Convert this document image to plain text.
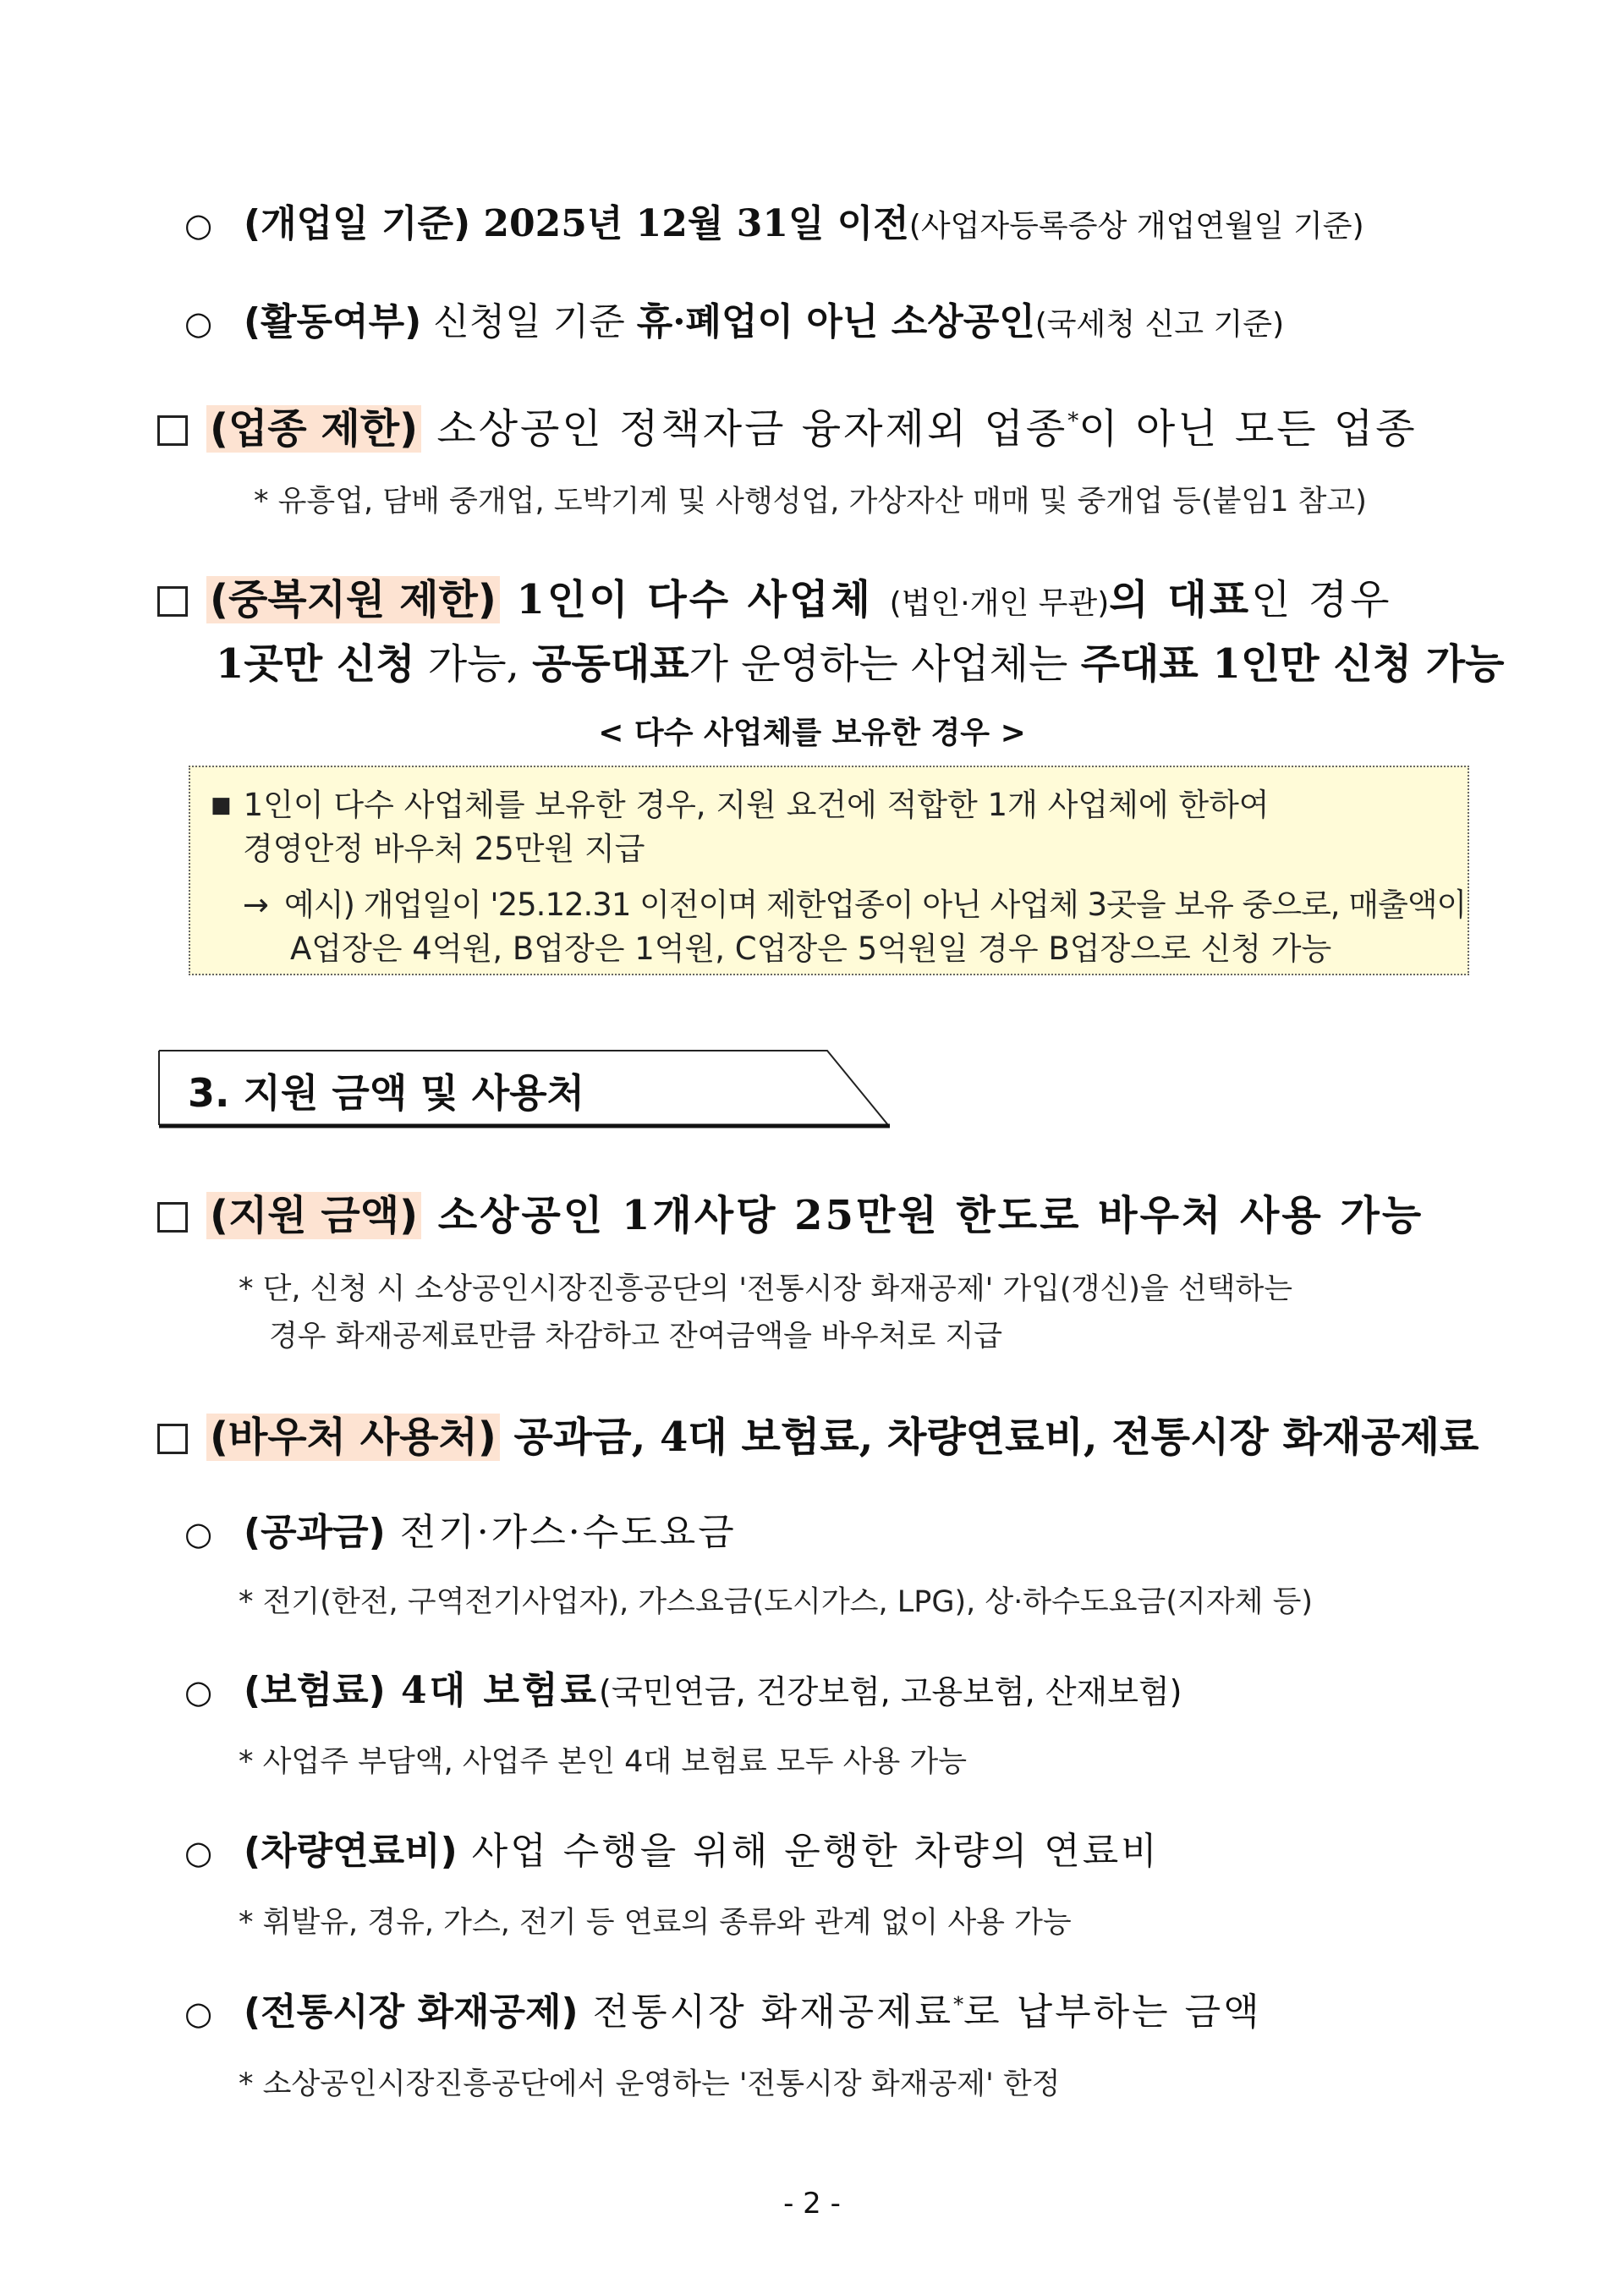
○ (개업일 기준) 2025년 12월 31일 이전(사업자등록증상 개업연월일 기준)
○ (활동여부) 신청일 기준 휴·폐업이 아닌 소상공인(국세청 신고 기준)
(업종 제한) 소상공인 정책자금 융자제외 업종*이 아닌 모든 업종
* 유흥업, 담배 중개업, 도박기계 및 사행성업, 가상자산 매매 및 중개업 등(붙임1 참고)
(중복지원 제한) 1인이 다수 사업체 (법인·개인 무관)의 대표인 경우
1곳만 신청 가능, 공동대표가 운영하는 사업체는 주대표 1인만 신청 가능
< 다수 사업체를 보유한 경우 >
■ 1인이 다수 사업체를 보유한 경우, 지원 요건에 적합한 1개 사업체에 한하여
경영안정 바우처 25만원 지급
→ 예시) 개업일이 '25.12.31 이전이며 제한업종이 아닌 사업체 3곳을 보유 중으로, 매출액이
A업장은 4억원, B업장은 1억원, C업장은 5억원일 경우 B업장으로 신청 가능
3. 지원 금액 및 사용처
(지원 금액) 소상공인 1개사당 25만원 한도로 바우처 사용 가능
* 단, 신청 시 소상공인시장진흥공단의 '전통시장 화재공제' 가입(갱신)을 선택하는
경우 화재공제료만큼 차감하고 잔여금액을 바우처로 지급
(바우처 사용처) 공과금, 4대 보험료, 차량연료비, 전통시장 화재공제료
○ (공과금) 전기·가스·수도요금
* 전기(한전, 구역전기사업자), 가스요금(도시가스, LPG), 상·하수도요금(지자체 등)
○ (보험료) 4대 보험료(국민연금, 건강보험, 고용보험, 산재보험)
* 사업주 부담액, 사업주 본인 4대 보험료 모두 사용 가능
○ (차량연료비) 사업 수행을 위해 운행한 차량의 연료비
* 휘발유, 경유, 가스, 전기 등 연료의 종류와 관계 없이 사용 가능
○ (전통시장 화재공제) 전통시장 화재공제료*로 납부하는 금액
* 소상공인시장진흥공단에서 운영하는 '전통시장 화재공제' 한정
- 2 -
